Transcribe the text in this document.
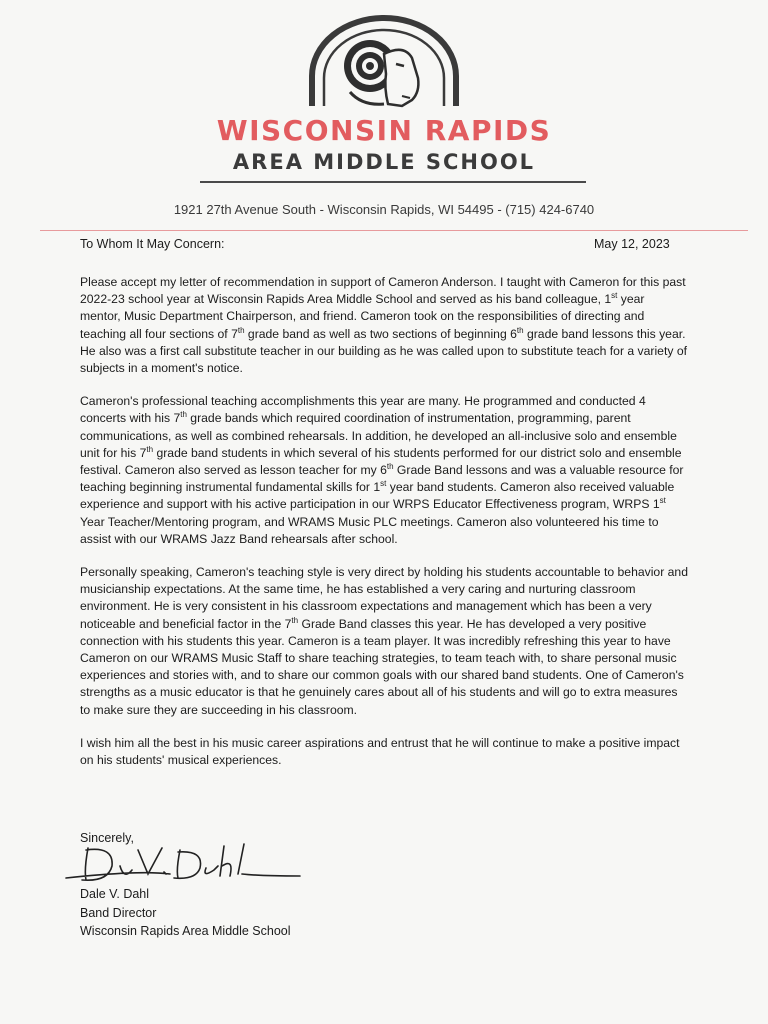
WISCONSIN RAPIDS
AREA MIDDLE SCHOOL
1921 27th Avenue South - Wisconsin Rapids, WI 54495 - (715) 424-6740
To Whom It May Concern:	May 12, 2023

Please accept my letter of recommendation in support of Cameron Anderson. I taught with Cameron for this past 2022-23 school year at Wisconsin Rapids Area Middle School and served as his band colleague, 1st year mentor, Music Department Chairperson, and friend. Cameron took on the responsibilities of directing and teaching all four sections of 7th grade band as well as two sections of beginning 6th grade band lessons this year. He also was a first call substitute teacher in our building as he was called upon to substitute teach for a variety of subjects in a moment's notice.

Cameron's professional teaching accomplishments this year are many. He programmed and conducted 4 concerts with his 7th grade bands which required coordination of instrumentation, programming, parent communications, as well as combined rehearsals. In addition, he developed an all-inclusive solo and ensemble unit for his 7th grade band students in which several of his students performed for our district solo and ensemble festival. Cameron also served as lesson teacher for my 6th Grade Band lessons and was a valuable resource for teaching beginning instrumental fundamental skills for 1st year band students. Cameron also received valuable experience and support with his active participation in our WRPS Educator Effectiveness program, WRPS 1st Year Teacher/Mentoring program, and WRAMS Music PLC meetings. Cameron also volunteered his time to assist with our WRAMS Jazz Band rehearsals after school.

Personally speaking, Cameron's teaching style is very direct by holding his students accountable to behavior and musicianship expectations. At the same time, he has established a very caring and nurturing classroom environment. He is very consistent in his classroom expectations and management which has been a very noticeable and beneficial factor in the 7th Grade Band classes this year. He has developed a very positive connection with his students this year. Cameron is a team player. It was incredibly refreshing this year to have Cameron on our WRAMS Music Staff to share teaching strategies, to team teach with, to share personal music experiences and stories with, and to share our common goals with our shared band students. One of Cameron's strengths as a music educator is that he genuinely cares about all of his students and will go to extra measures to make sure they are succeeding in his classroom.

I wish him all the best in his music career aspirations and entrust that he will continue to make a positive impact on his students' musical experiences.

Sincerely,
Dale V. Dahl
Band Director
Wisconsin Rapids Area Middle School
